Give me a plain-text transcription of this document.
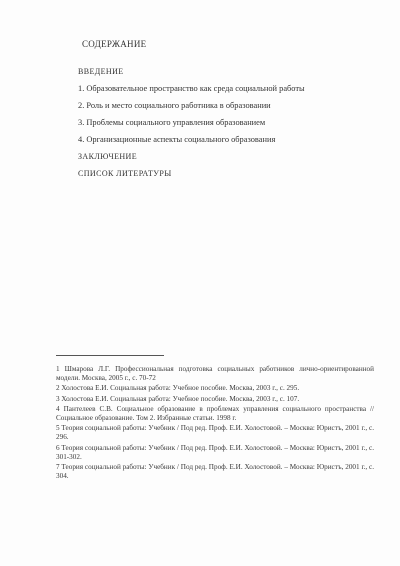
СОДЕРЖАНИЕ
ВВЕДЕНИЕ
1. Образовательное пространство как среда социальной работы
2. Роль и место социального работника в образовании
3. Проблемы социального управления образованием
4. Организационные аспекты социального образования
ЗАКЛЮЧЕНИЕ
СПИСОК ЛИТЕРАТУРЫ
1 Шмарова Л.Г. Профессиональная подготовка социальных работников лично-ориентированной модели. Москва, 2005 г., с. 70-72
2 Холостова Е.И. Социальная работа: Учебное пособие. Москва, 2003 г., с. 295.
3 Холостова Е.И. Социальная работа: Учебное пособие. Москва, 2003 г., с. 107.
4 Пантелеев С.В. Социальное образование в проблемах управления социального пространства // Социальное образование. Том 2. Избранные статьи. 1998 г.
5 Теория социальной работы: Учебник / Под ред. Проф. Е.И. Холостовой. – Москва: Юристъ, 2001 г., с. 296.
6 Теория социальной работы: Учебник / Под ред. Проф. Е.И. Холостовой. – Москва: Юристъ, 2001 г., с. 301-302.
7 Теория социальной работы: Учебник / Под ред. Проф. Е.И. Холостовой. – Москва: Юристъ, 2001 г., с. 304.
